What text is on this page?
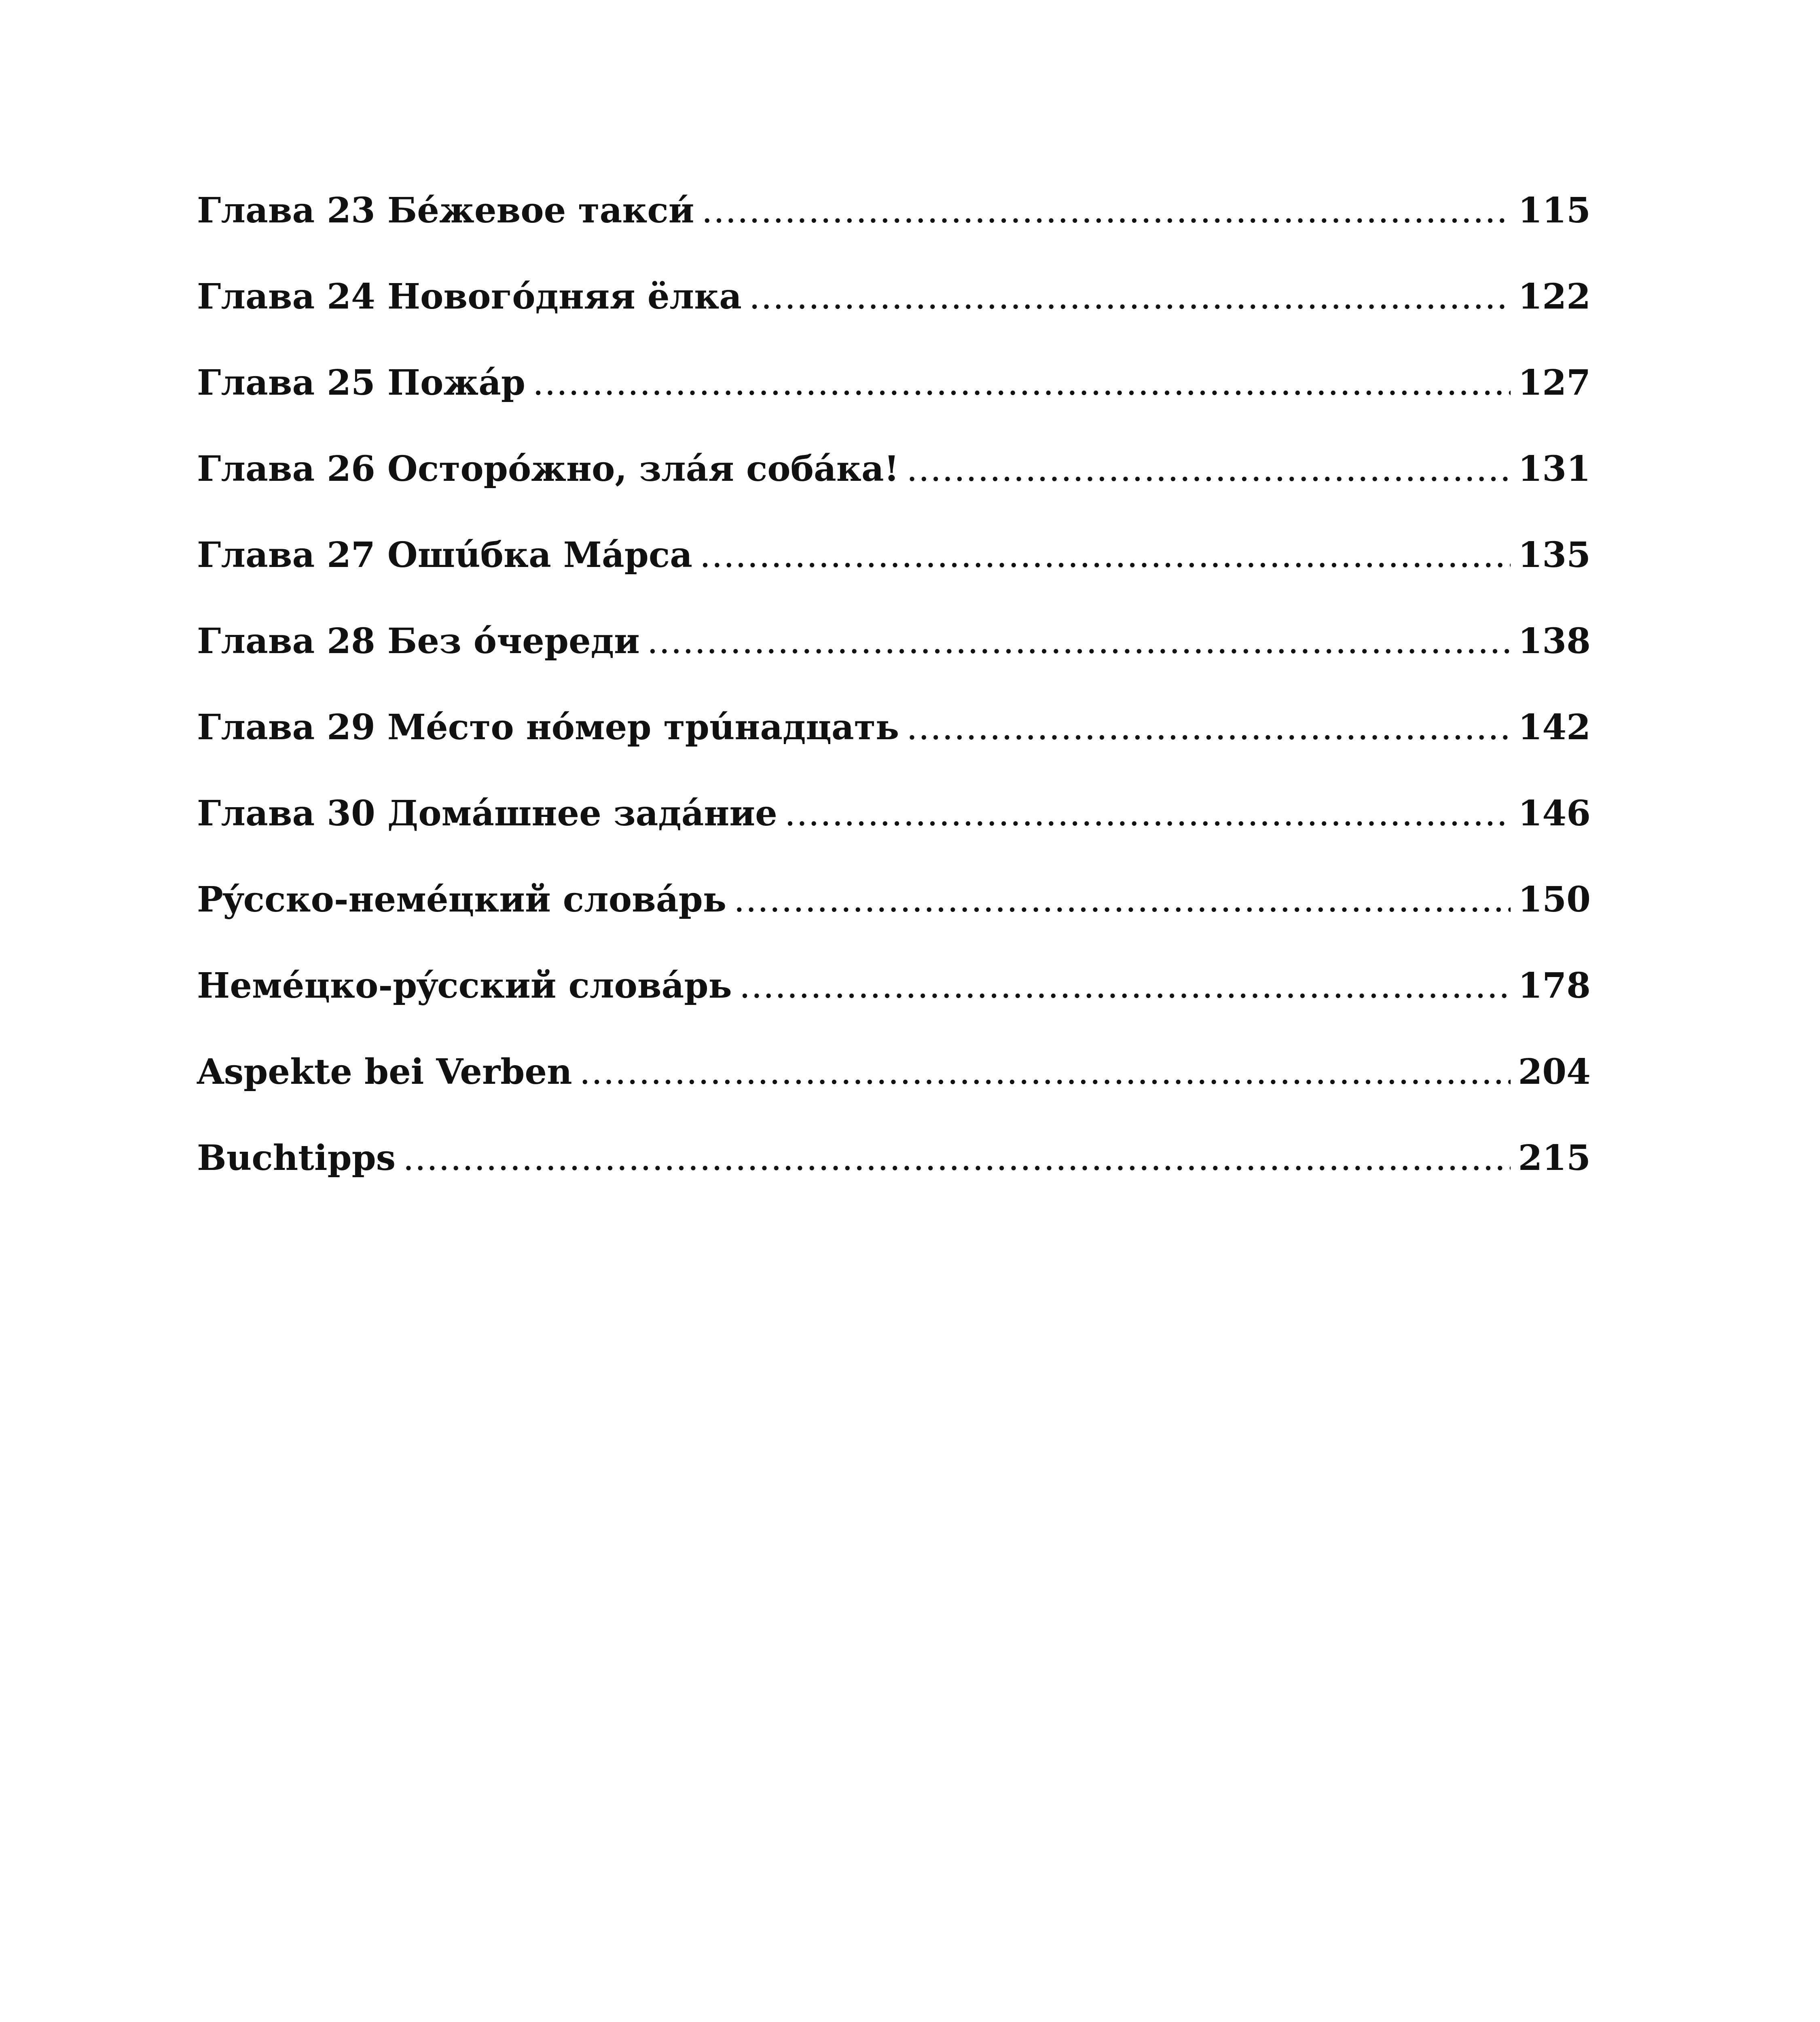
Глава 23 Бе́жевое такси́ .....	115
Глава 24 Новогóдняя ёлка .....	122
Глава 25 Пожáр .....	127
Глава 26 Осторóжно, злáя собáка! .....	131
Глава 27 Ошúбка Мáрса .....	135
Глава 28 Без óчереди .....	138
Глава 29 Мéсто нóмер трúнадцать .....	142
Глава 30 Домáшнее задáние .....	146
Рýсско-немéцкий словáрь .....	150
Немéцко-рýсский словáрь .....	178
Aspekte bei Verben .....	204
Buchtipps .....	215
